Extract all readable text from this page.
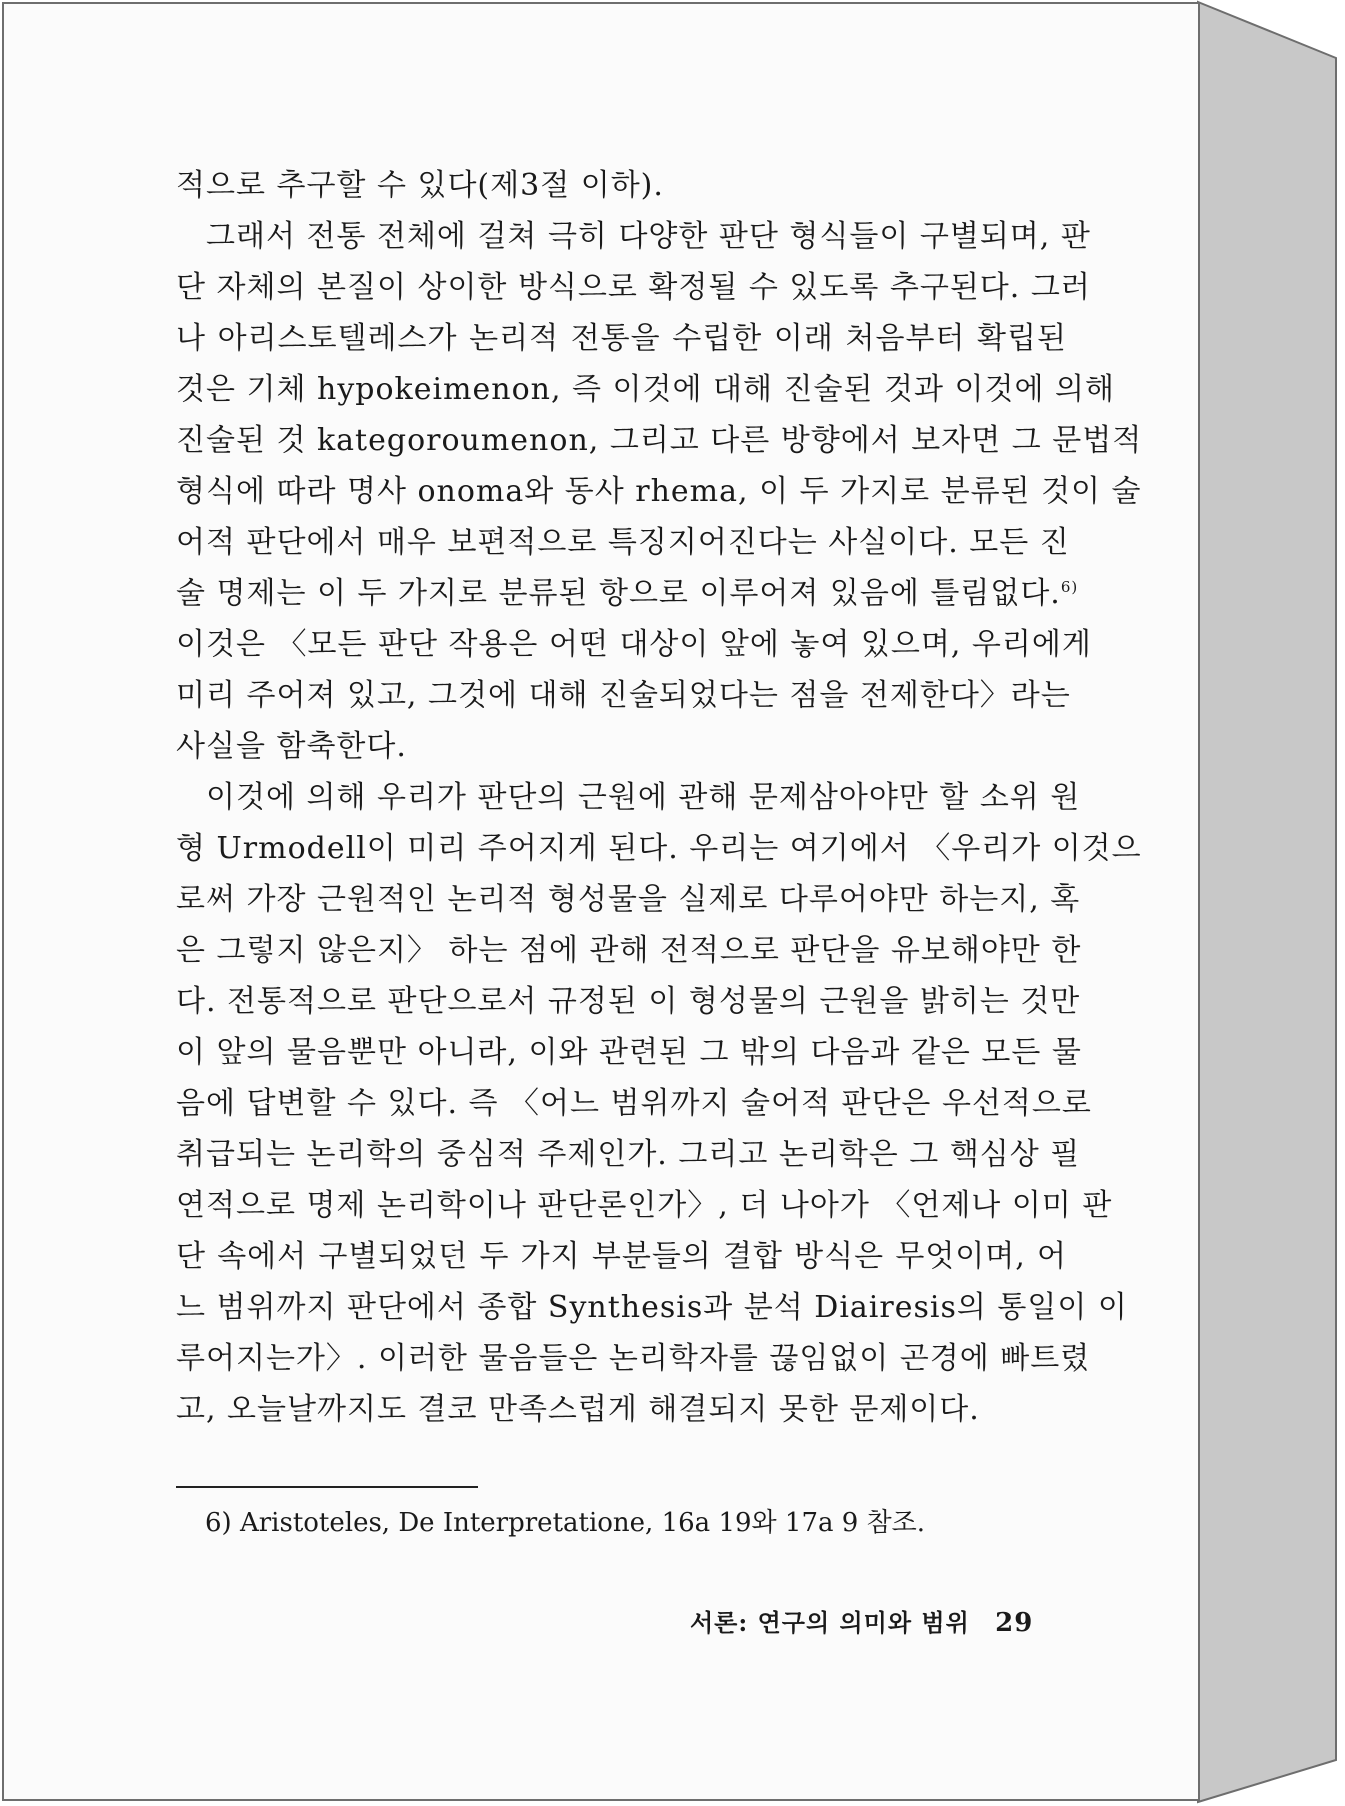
적으로 추구할 수 있다(제3절 이하).
그래서 전통 전체에 걸쳐 극히 다양한 판단 형식들이 구별되며, 판
단 자체의 본질이 상이한 방식으로 확정될 수 있도록 추구된다. 그러
나 아리스토텔레스가 논리적 전통을 수립한 이래 처음부터 확립된
것은 기체 hypokeimenon, 즉 이것에 대해 진술된 것과 이것에 의해
진술된 것 kategoroumenon, 그리고 다른 방향에서 보자면 그 문법적
형식에 따라 명사 onoma와 동사 rhema, 이 두 가지로 분류된 것이 술
어적 판단에서 매우 보편적으로 특징지어진다는 사실이다. 모든 진
술 명제는 이 두 가지로 분류된 항으로 이루어져 있음에 틀림없다.$^{6)}$
이것은 〈모든 판단 작용은 어떤 대상이 앞에 놓여 있으며, 우리에게
미리 주어져 있고, 그것에 대해 진술되었다는 점을 전제한다〉라는
사실을 함축한다.
이것에 의해 우리가 판단의 근원에 관해 문제삼아야만 할 소위 원
형 Urmodell이 미리 주어지게 된다. 우리는 여기에서 〈우리가 이것으
로써 가장 근원적인 논리적 형성물을 실제로 다루어야만 하는지, 혹
은 그렇지 않은지〉 하는 점에 관해 전적으로 판단을 유보해야만 한
다. 전통적으로 판단으로서 규정된 이 형성물의 근원을 밝히는 것만
이 앞의 물음뿐만 아니라, 이와 관련된 그 밖의 다음과 같은 모든 물
음에 답변할 수 있다. 즉 〈어느 범위까지 술어적 판단은 우선적으로
취급되는 논리학의 중심적 주제인가. 그리고 논리학은 그 핵심상 필
연적으로 명제 논리학이나 판단론인가〉, 더 나아가 〈언제나 이미 판
단 속에서 구별되었던 두 가지 부분들의 결합 방식은 무엇이며, 어
느 범위까지 판단에서 종합 Synthesis과 분석 Diairesis의 통일이 이
루어지는가〉. 이러한 물음들은 논리학자를 끊임없이 곤경에 빠트렸
고, 오늘날까지도 결코 만족스럽게 해결되지 못한 문제이다.
6) Aristoteles, De Interpretatione, 16a 19와 17a 9 참조.
서론: 연구의 의미와 범위 29
